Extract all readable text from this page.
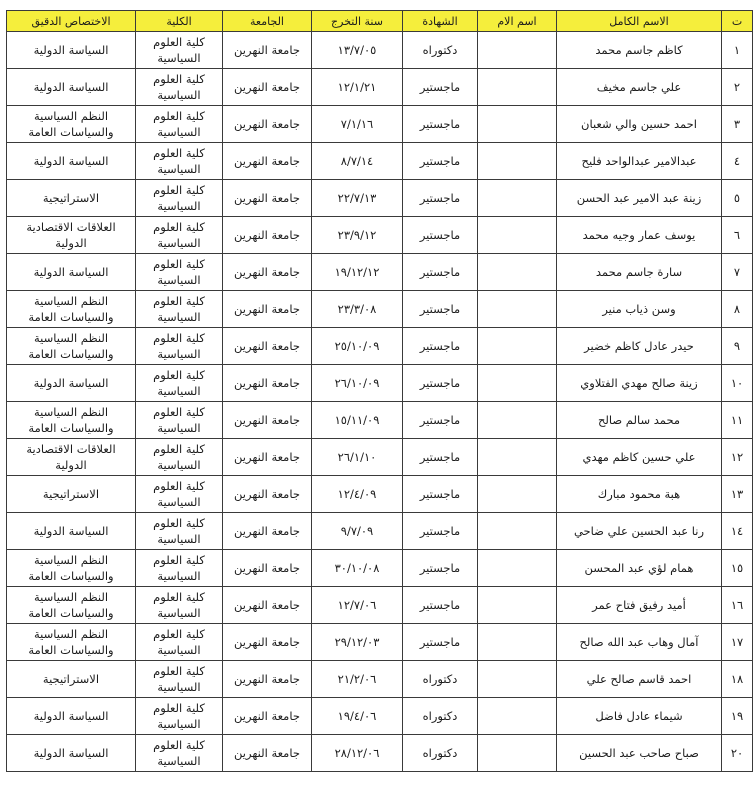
ت	الاسم الكامل	اسم الام	الشهادة	سنة التخرج	الجامعة	الكلية	الاختصاص الدقيق
١	كاظم جاسم محمد		دكتوراه	١٣/٧/٠٥	جامعة النهرين	كلية العلوم السياسية	السياسة الدولية
٢	علي جاسم مخيف		ماجستير	١٢/١/٢١	جامعة النهرين	كلية العلوم السياسية	السياسة الدولية
٣	احمد حسين والي شعبان		ماجستير	٧/١/١٦	جامعة النهرين	كلية العلوم السياسية	النظم السياسية والسياسات العامة
٤	عبدالامير عبدالواحد فليح		ماجستير	٨/٧/١٤	جامعة النهرين	كلية العلوم السياسية	السياسة الدولية
٥	زينة عبد الامير عبد الحسن		ماجستير	٢٢/٧/١٣	جامعة النهرين	كلية العلوم السياسية	الاستراتيجية
٦	يوسف عمار وجيه محمد		ماجستير	٢٣/٩/١٢	جامعة النهرين	كلية العلوم السياسية	العلاقات الاقتصادية الدولية
٧	سارة جاسم محمد		ماجستير	١٩/١٢/١٢	جامعة النهرين	كلية العلوم السياسية	السياسة الدولية
٨	وسن ذياب منير		ماجستير	٢٣/٣/٠٨	جامعة النهرين	كلية العلوم السياسية	النظم السياسية والسياسات العامة
٩	حيدر عادل كاظم خضير		ماجستير	٢٥/١٠/٠٩	جامعة النهرين	كلية العلوم السياسية	النظم السياسية والسياسات العامة
١٠	زينة صالح مهدي الفتلاوي		ماجستير	٢٦/١٠/٠٩	جامعة النهرين	كلية العلوم السياسية	السياسة الدولية
١١	محمد سالم صالح		ماجستير	١٥/١١/٠٩	جامعة النهرين	كلية العلوم السياسية	النظم السياسية والسياسات العامة
١٢	علي حسين كاظم مهدي		ماجستير	٢٦/١/١٠	جامعة النهرين	كلية العلوم السياسية	العلاقات الاقتصادية الدولية
١٣	هبة محمود مبارك		ماجستير	١٢/٤/٠٩	جامعة النهرين	كلية العلوم السياسية	الاستراتيجية
١٤	رنا عبد الحسين علي ضاحي		ماجستير	٩/٧/٠٩	جامعة النهرين	كلية العلوم السياسية	السياسة الدولية
١٥	همام لؤي عبد المحسن		ماجستير	٣٠/١٠/٠٨	جامعة النهرين	كلية العلوم السياسية	النظم السياسية والسياسات العامة
١٦	أميد رفيق فتاح عمر		ماجستير	١٢/٧/٠٦	جامعة النهرين	كلية العلوم السياسية	النظم السياسية والسياسات العامة
١٧	آمال وهاب عبد الله صالح		ماجستير	٢٩/١٢/٠٣	جامعة النهرين	كلية العلوم السياسية	النظم السياسية والسياسات العامة
١٨	احمد قاسم صالح علي		دكتوراه	٢١/٢/٠٦	جامعة النهرين	كلية العلوم السياسية	الاستراتيجية
١٩	شيماء عادل فاضل		دكتوراه	١٩/٤/٠٦	جامعة النهرين	كلية العلوم السياسية	السياسة الدولية
٢٠	صباح صاحب عبد الحسين		دكتوراه	٢٨/١٢/٠٦	جامعة النهرين	كلية العلوم السياسية	السياسة الدولية
